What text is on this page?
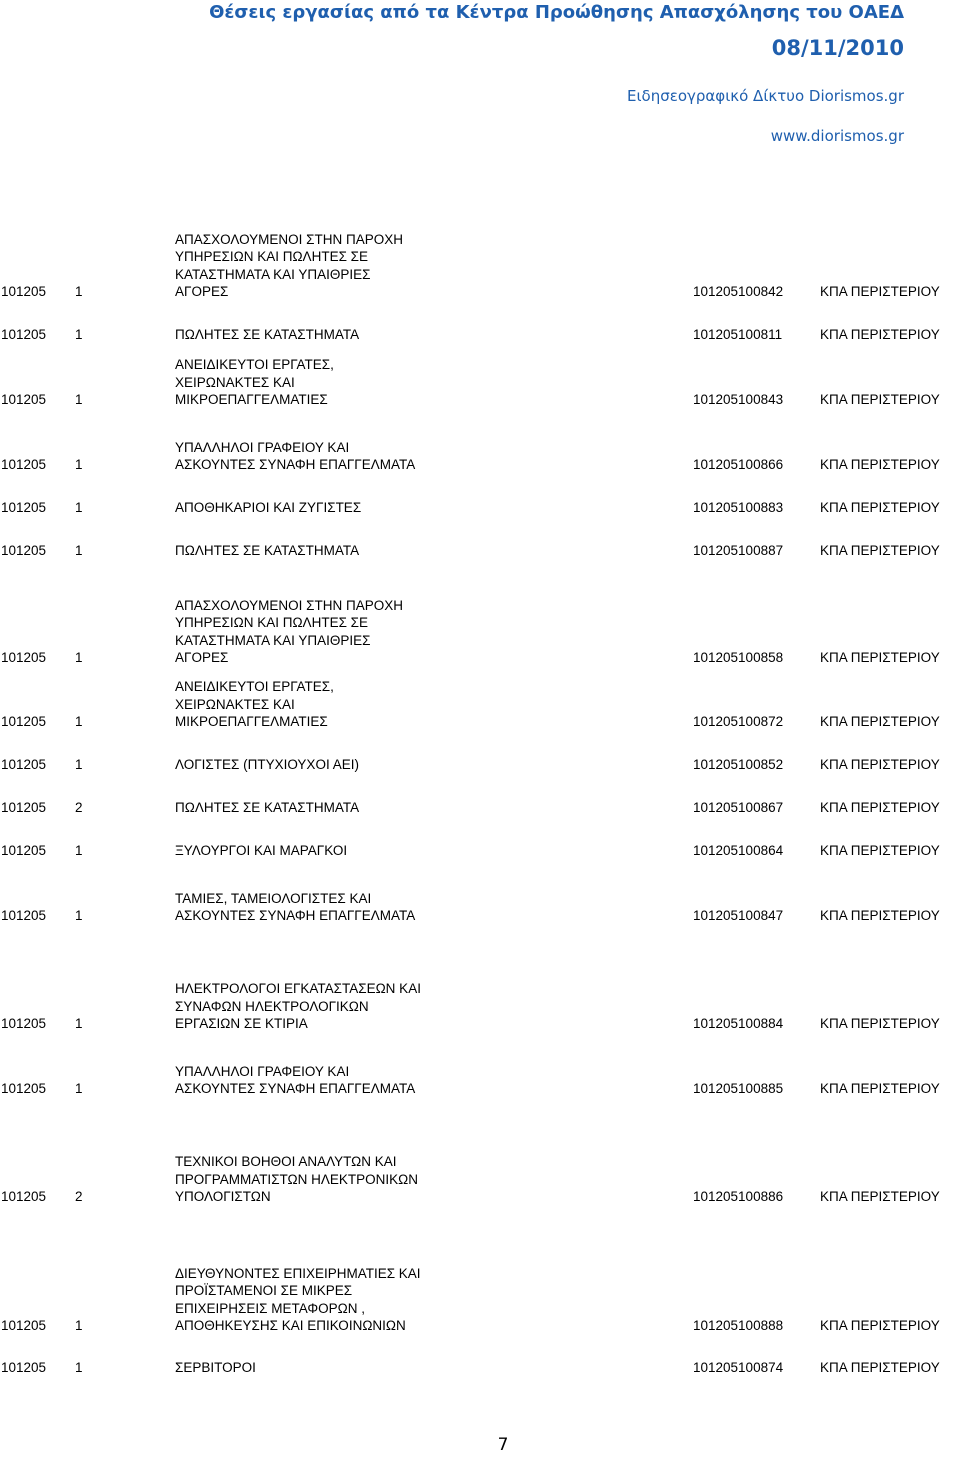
Θέσεις εργασίας από τα Κέντρα Προώθησης Απασχόλησης του ΟΑΕΔ
08/11/2010
Ειδησεογραφικό Δίκτυο Diorismos.gr
www.diorismos.gr
101205 1
ΑΠΑΣΧΟΛΟΥΜΕΝΟΙ ΣΤΗΝ ΠΑΡΟΧΗ
ΥΠΗΡΕΣΙΩΝ ΚΑΙ ΠΩΛΗΤΕΣ ΣΕ
ΚΑΤΑΣΤΗΜΑΤΑ ΚΑΙ ΥΠΑΙΘΡΙΕΣ
ΑΓΟΡΕΣ	101205100842	ΚΠΑ ΠΕΡΙΣΤΕΡΙΟΥ
101205 1	ΠΩΛΗΤΕΣ ΣΕ ΚΑΤΑΣΤΗΜΑΤΑ	101205100811	ΚΠΑ ΠΕΡΙΣΤΕΡΙΟΥ
101205 1
ΑΝΕΙΔΙΚΕΥΤΟΙ ΕΡΓΑΤΕΣ,
ΧΕΙΡΩΝΑΚΤΕΣ ΚΑΙ
ΜΙΚΡΟΕΠΑΓΓΕΛΜΑΤΙΕΣ	101205100843	ΚΠΑ ΠΕΡΙΣΤΕΡΙΟΥ
101205 1
ΥΠΑΛΛΗΛΟΙ ΓΡΑΦΕΙΟΥ ΚΑΙ
ΑΣΚΟΥΝΤΕΣ ΣΥΝΑΦΗ ΕΠΑΓΓΕΛΜΑΤΑ	101205100866	ΚΠΑ ΠΕΡΙΣΤΕΡΙΟΥ
101205 1	ΑΠΟΘΗΚΑΡΙΟΙ ΚΑΙ ΖΥΓΙΣΤΕΣ	101205100883	ΚΠΑ ΠΕΡΙΣΤΕΡΙΟΥ
101205 1	ΠΩΛΗΤΕΣ ΣΕ ΚΑΤΑΣΤΗΜΑΤΑ	101205100887	ΚΠΑ ΠΕΡΙΣΤΕΡΙΟΥ
101205 1
ΑΠΑΣΧΟΛΟΥΜΕΝΟΙ ΣΤΗΝ ΠΑΡΟΧΗ
ΥΠΗΡΕΣΙΩΝ ΚΑΙ ΠΩΛΗΤΕΣ ΣΕ
ΚΑΤΑΣΤΗΜΑΤΑ ΚΑΙ ΥΠΑΙΘΡΙΕΣ
ΑΓΟΡΕΣ	101205100858	ΚΠΑ ΠΕΡΙΣΤΕΡΙΟΥ
101205 1
ΑΝΕΙΔΙΚΕΥΤΟΙ ΕΡΓΑΤΕΣ,
ΧΕΙΡΩΝΑΚΤΕΣ ΚΑΙ
ΜΙΚΡΟΕΠΑΓΓΕΛΜΑΤΙΕΣ	101205100872	ΚΠΑ ΠΕΡΙΣΤΕΡΙΟΥ
101205 1	ΛΟΓΙΣΤΕΣ (ΠΤΥΧΙΟΥΧΟΙ ΑΕΙ)	101205100852	ΚΠΑ ΠΕΡΙΣΤΕΡΙΟΥ
101205 2	ΠΩΛΗΤΕΣ ΣΕ ΚΑΤΑΣΤΗΜΑΤΑ	101205100867	ΚΠΑ ΠΕΡΙΣΤΕΡΙΟΥ
101205 1	ΞΥΛΟΥΡΓΟΙ ΚΑΙ ΜΑΡΑΓΚΟΙ	101205100864	ΚΠΑ ΠΕΡΙΣΤΕΡΙΟΥ
101205 1
ΤΑΜΙΕΣ, ΤΑΜΕΙΟΛΟΓΙΣΤΕΣ ΚΑΙ
ΑΣΚΟΥΝΤΕΣ ΣΥΝΑΦΗ ΕΠΑΓΓΕΛΜΑΤΑ	101205100847	ΚΠΑ ΠΕΡΙΣΤΕΡΙΟΥ
101205 1
ΗΛΕΚΤΡΟΛΟΓΟΙ ΕΓΚΑΤΑΣΤΑΣΕΩΝ ΚΑΙ
ΣΥΝΑΦΩΝ ΗΛΕΚΤΡΟΛΟΓΙΚΩΝ
ΕΡΓΑΣΙΩΝ ΣΕ ΚΤΙΡΙΑ	101205100884	ΚΠΑ ΠΕΡΙΣΤΕΡΙΟΥ
101205 1
ΥΠΑΛΛΗΛΟΙ ΓΡΑΦΕΙΟΥ ΚΑΙ
ΑΣΚΟΥΝΤΕΣ ΣΥΝΑΦΗ ΕΠΑΓΓΕΛΜΑΤΑ	101205100885	ΚΠΑ ΠΕΡΙΣΤΕΡΙΟΥ
101205 2
ΤΕΧΝΙΚΟΙ ΒΟΗΘΟΙ ΑΝΑΛΥΤΩΝ ΚΑΙ
ΠΡΟΓΡΑΜΜΑΤΙΣΤΩΝ ΗΛΕΚΤΡΟΝΙΚΩΝ
ΥΠΟΛΟΓΙΣΤΩΝ	101205100886	ΚΠΑ ΠΕΡΙΣΤΕΡΙΟΥ
101205 1
ΔΙΕΥΘΥΝΟΝΤΕΣ ΕΠΙΧΕΙΡΗΜΑΤΙΕΣ ΚΑΙ
ΠΡΟΪΣΤΑΜΕΝΟΙ ΣΕ ΜΙΚΡΕΣ
ΕΠΙΧΕΙΡΗΣΕΙΣ ΜΕΤΑΦΟΡΩΝ ,
ΑΠΟΘΗΚΕΥΣΗΣ ΚΑΙ ΕΠΙΚΟΙΝΩΝΙΩΝ	101205100888	ΚΠΑ ΠΕΡΙΣΤΕΡΙΟΥ
101205 1	ΣΕΡΒΙΤΟΡΟΙ	101205100874	ΚΠΑ ΠΕΡΙΣΤΕΡΙΟΥ
7
